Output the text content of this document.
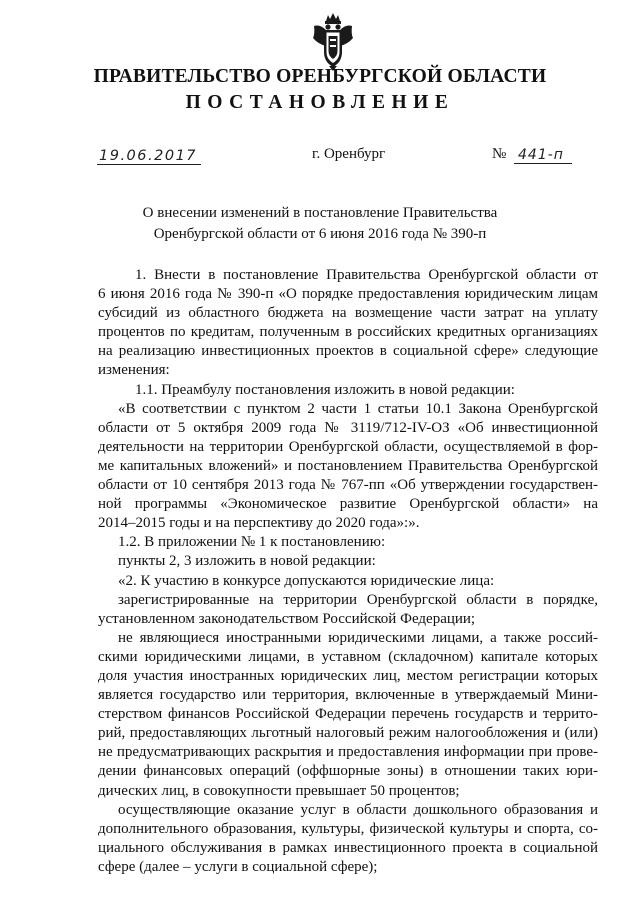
ПРАВИТЕЛЬСТВО ОРЕНБУРГСКОЙ ОБЛАСТИ
ПОСТАНОВЛЕНИЕ
19.06.2017	г. Оренбург	№ 441-п
О внесении изменений в постановление Правительства
Оренбургской области от 6 июня 2016 года № 390-п
1. Внести в постановление Правительства Оренбургской области от
6 июня 2016 года № 390-п «О порядке предоставления юридическим лицам
субсидий из областного бюджета на возмещение части затрат на уплату
процентов по кредитам, полученным в российских кредитных организациях
на реализацию инвестиционных проектов в социальной сфере» следующие
изменения:
1.1. Преамбулу постановления изложить в новой редакции:
«В соответствии с пунктом 2 части 1 статьи 10.1 Закона Оренбургской
области от 5 октября 2009 года № 3119/712-IV-ОЗ «Об инвестиционной
деятельности на территории Оренбургской области, осуществляемой в фор-
ме капитальных вложений» и постановлением Правительства Оренбургской
области от 10 сентября 2013 года № 767-пп «Об утверждении государствен-
ной программы «Экономическое развитие Оренбургской области» на
2014–2015 годы и на перспективу до 2020 года»:».
1.2. В приложении № 1 к постановлению:
пункты 2, 3 изложить в новой редакции:
«2. К участию в конкурсе допускаются юридические лица:
зарегистрированные на территории Оренбургской области в порядке,
установленном законодательством Российской Федерации;
не являющиеся иностранными юридическими лицами, а также россий-
скими юридическими лицами, в уставном (складочном) капитале которых
доля участия иностранных юридических лиц, местом регистрации которых
является государство или территория, включенные в утверждаемый Мини-
стерством финансов Российской Федерации перечень государств и террито-
рий, предоставляющих льготный налоговый режим налогообложения и (или)
не предусматривающих раскрытия и предоставления информации при прове-
дении финансовых операций (оффшорные зоны) в отношении таких юри-
дических лиц, в совокупности превышает 50 процентов;
осуществляющие оказание услуг в области дошкольного образования и
дополнительного образования, культуры, физической культуры и спорта, со-
циального обслуживания в рамках инвестиционного проекта в социальной
сфере (далее – услуги в социальной сфере);
